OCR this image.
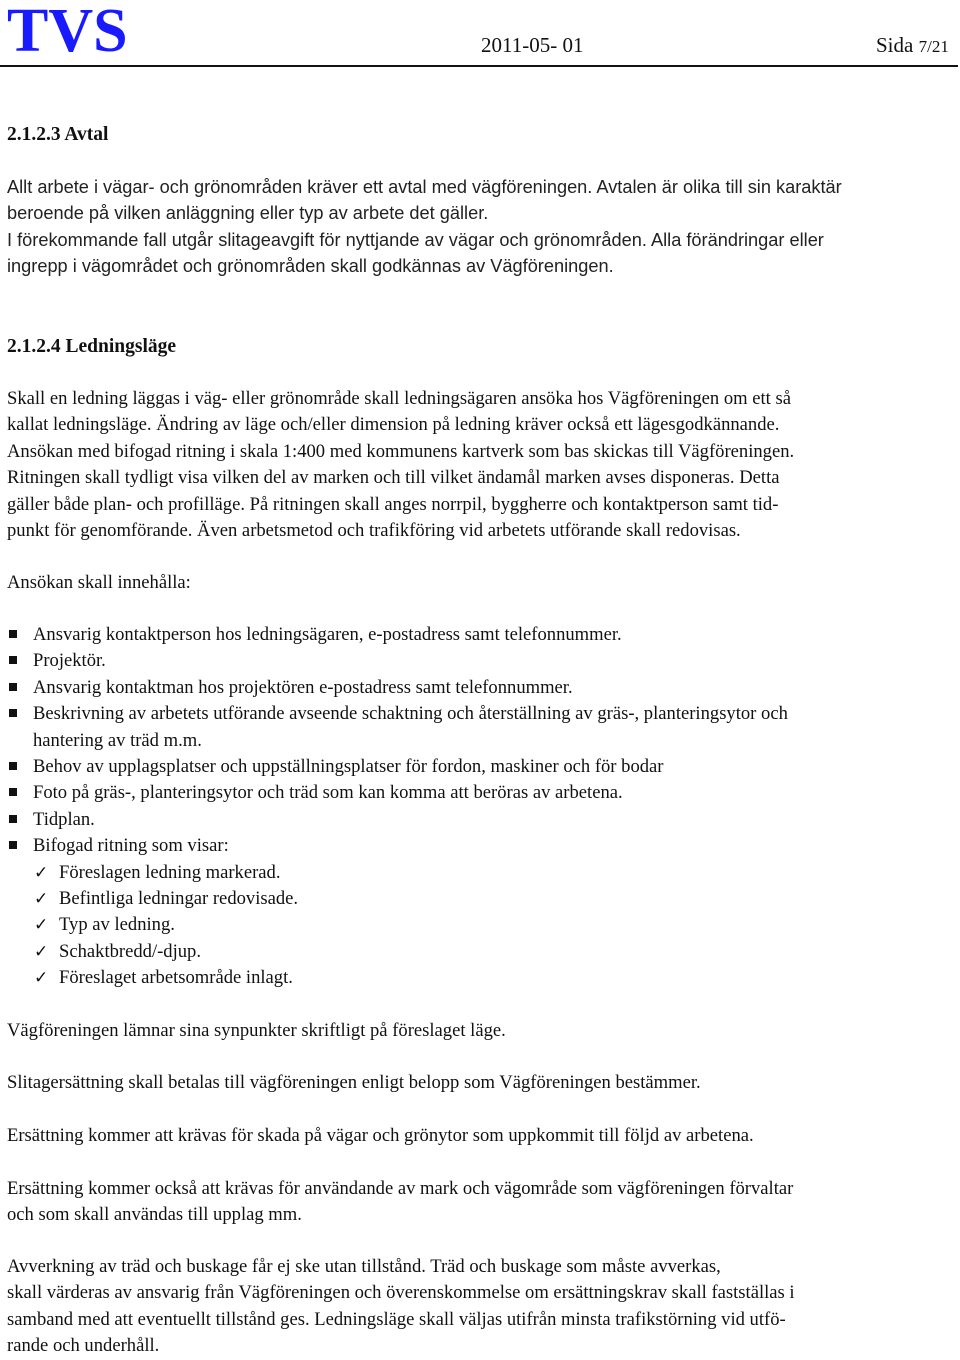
TVS	2011-05- 01	Sida 7/21
2.1.2.3 Avtal

Allt arbete i vägar- och grönområden kräver ett avtal med vägföreningen. Avtalen är olika till sin karaktär

beroende på vilken anläggning eller typ av arbete det gäller.

I förekommande fall utgår slitageavgift för nyttjande av vägar och grönområden. Alla förändringar eller

ingrepp i vägområdet och grönområden skall godkännas av Vägföreningen.

2.1.2.4 Ledningsläge

Skall en ledning läggas i väg- eller grönområde skall ledningsägaren ansöka hos Vägföreningen om ett så

kallat ledningsläge. Ändring av läge och/eller dimension på ledning kräver också ett lägesgodkännande.

Ansökan med bifogad ritning i skala 1:400 med kommunens kartverk som bas skickas till Vägföreningen.

Ritningen skall tydligt visa vilken del av marken och till vilket ändamål marken avses disponeras. Detta

gäller både plan- och profilläge. På ritningen skall anges norrpil, byggherre och kontaktperson samt tid-

punkt för genomförande. Även arbetsmetod och trafikföring vid arbetets utförande skall redovisas.

Ansökan skall innehålla:
Ansvarig kontaktperson hos ledningsägaren, e-postadress samt telefonnummer.
Projektör.
Ansvarig kontaktman hos projektören e-postadress samt telefonnummer.
Beskrivning av arbetets utförande avseende schaktning och återställning av gräs-, planteringsytor och
hantering av träd m.m.
Behov av upplagsplatser och uppställningsplatser för fordon, maskiner och för bodar
Foto på gräs-, planteringsytor och träd som kan komma att beröras av arbetena.
Tidplan.
Bifogad ritning som visar:
✓ Föreslagen ledning markerad.
✓ Befintliga ledningar redovisade.
✓ Typ av ledning.
✓ Schaktbredd/-djup.
✓ Föreslaget arbetsområde inlagt.

Vägföreningen lämnar sina synpunkter skriftligt på föreslaget läge.

Slitagersättning skall betalas till vägföreningen enligt belopp som Vägföreningen bestämmer.

Ersättning kommer att krävas för skada på vägar och grönytor som uppkommit till följd av arbetena.

Ersättning kommer också att krävas för användande av mark och vägområde som vägföreningen förvaltar

och som skall användas till upplag mm.

Avverkning av träd och buskage får ej ske utan tillstånd. Träd och buskage som måste avverkas,

skall värderas av ansvarig från Vägföreningen och överenskommelse om ersättningskrav skall fastställas i

samband med att eventuellt tillstånd ges. Ledningsläge skall väljas utifrån minsta trafikstörning vid utfö-

rande och underhåll.
